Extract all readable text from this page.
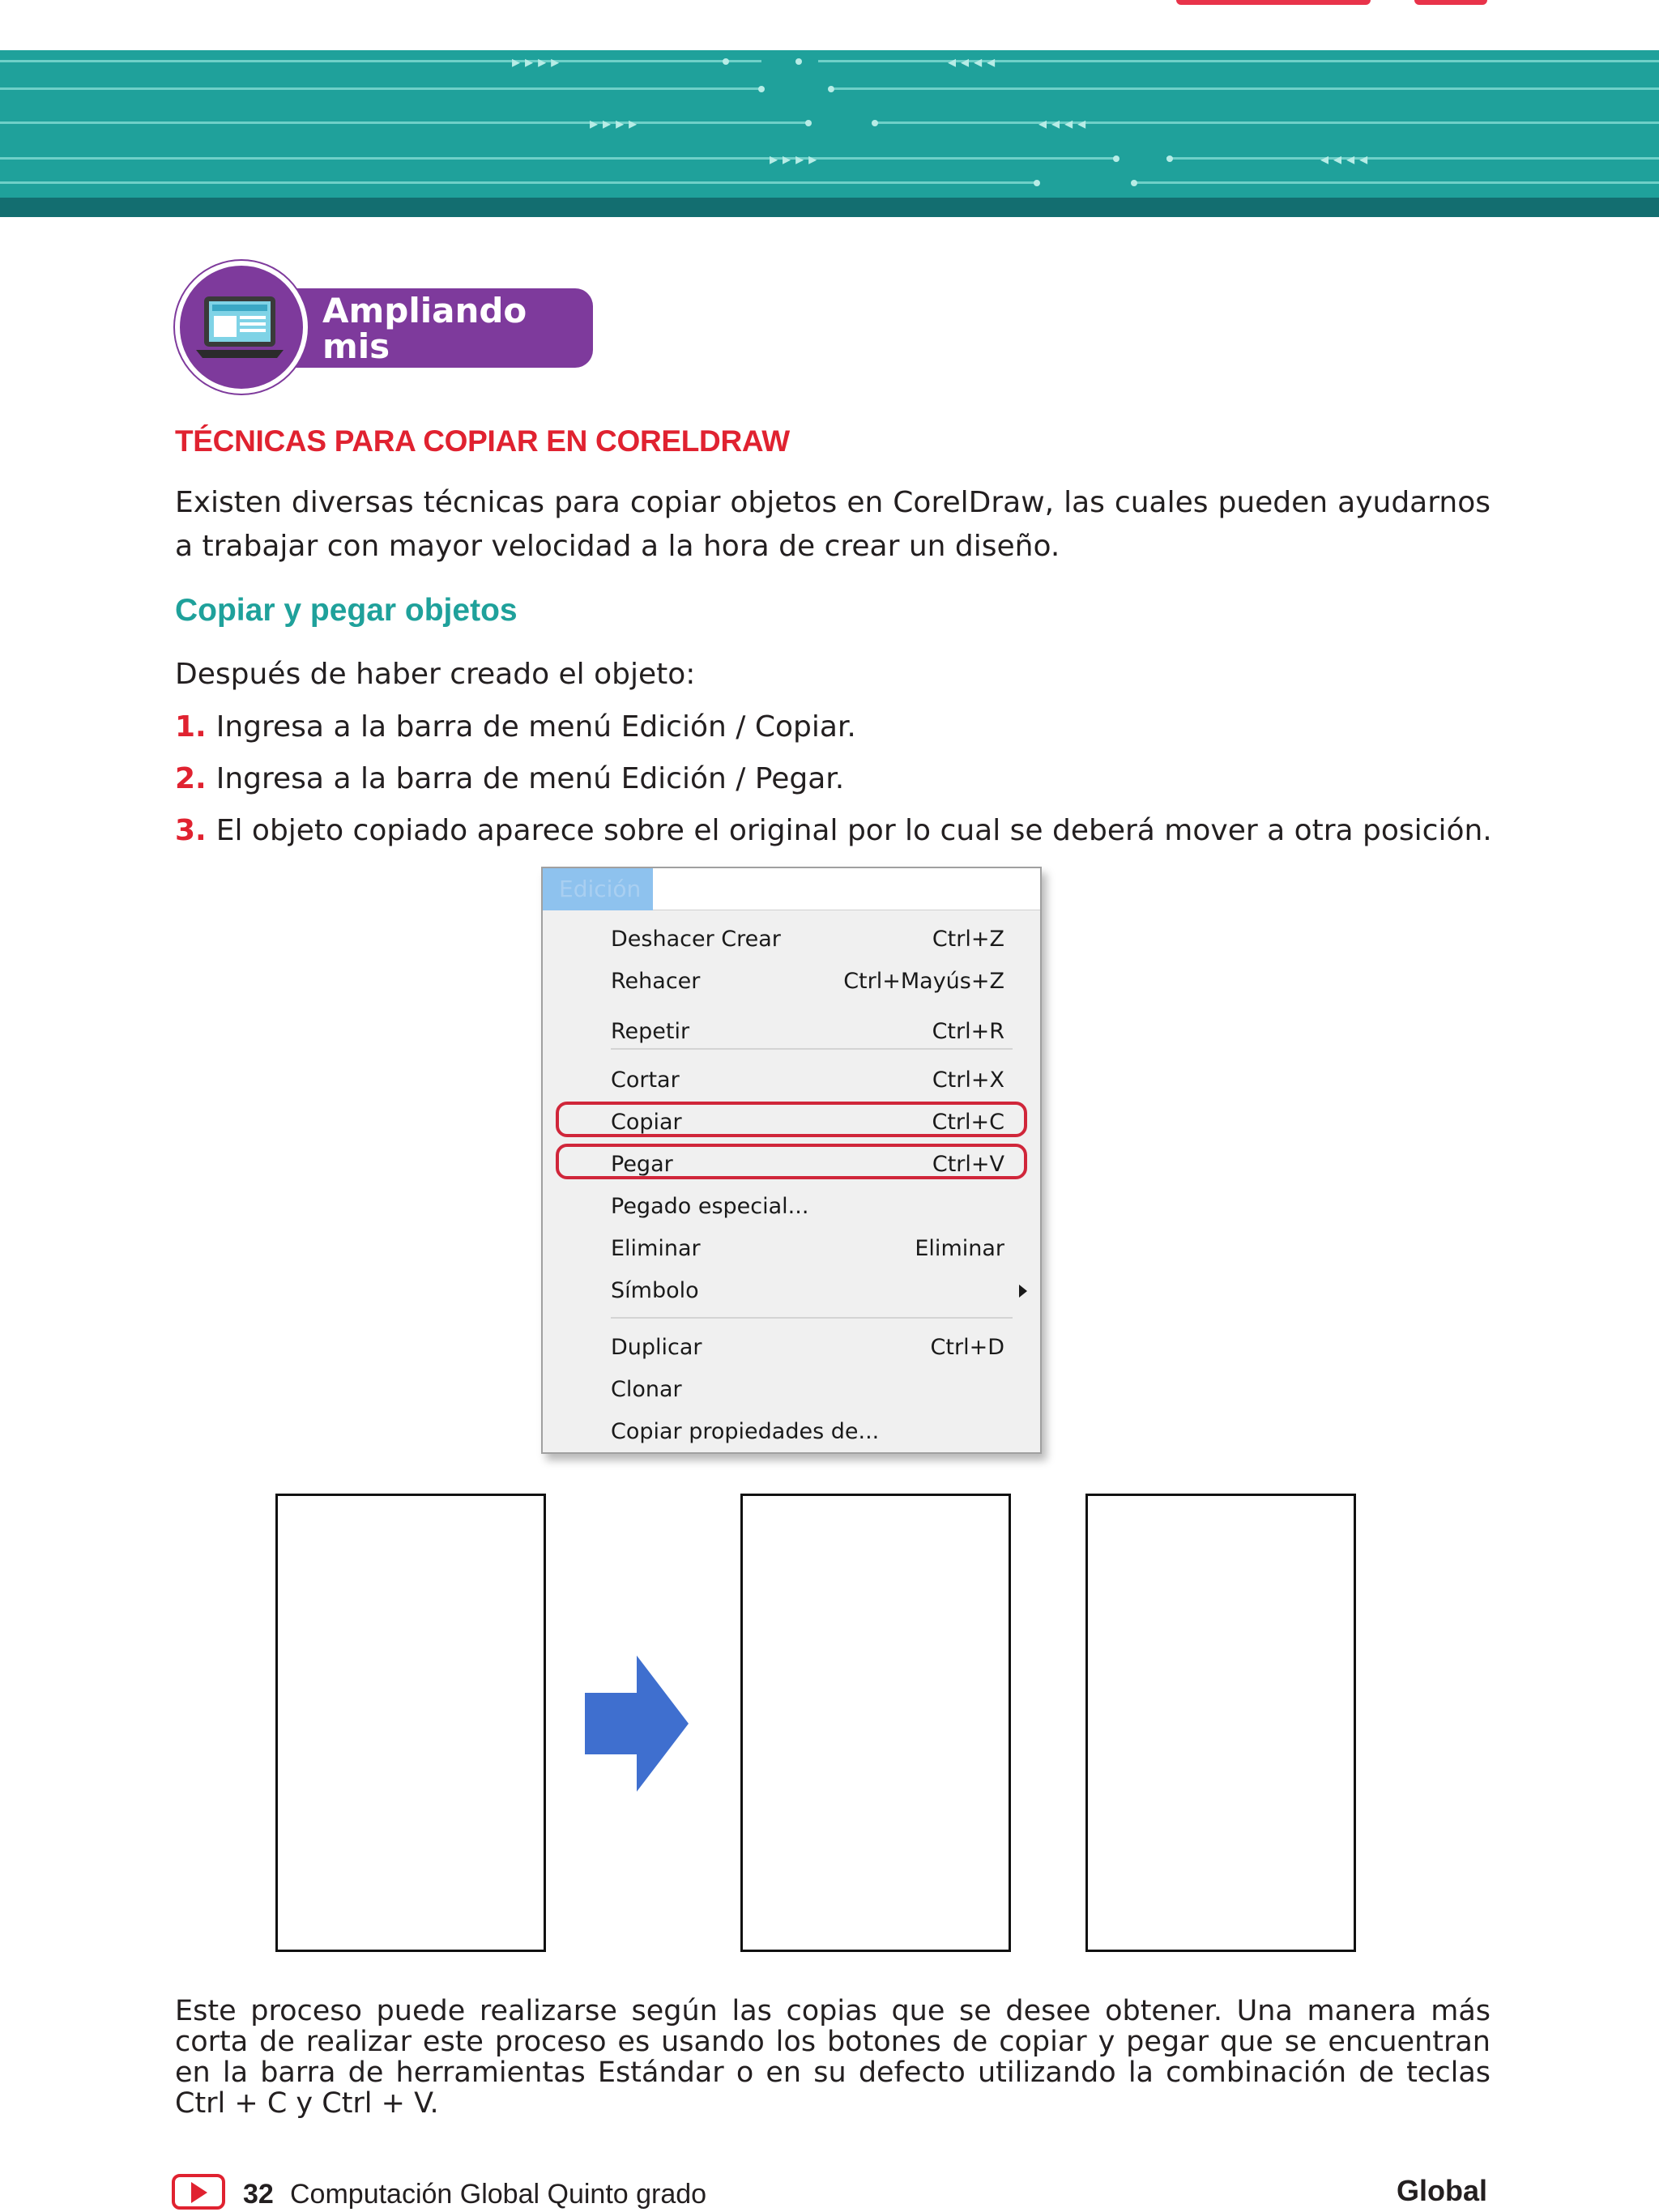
▸▸▸▸	◂◂◂◂
▸▸▸▸	◂◂◂◂
▸▸▸▸	◂◂◂◂
Ampliando mis
conocimientos
TÉCNICAS PARA COPIAR EN CORELDRAW
Existen diversas técnicas para copiar objetos en CorelDraw, las cuales pueden ayudarnos a trabajar con mayor velocidad a la hora de crear un diseño.
Copiar y pegar objetos
Después de haber creado el objeto:
1. Ingresa a la barra de menú Edición / Copiar.
2. Ingresa a la barra de menú Edición / Pegar.
3. El objeto copiado aparece sobre el original por lo cual se deberá mover a otra posición.
Edición
Deshacer Crear	Ctrl+Z
Rehacer	Ctrl+Mayús+Z
Repetir	Ctrl+R
Cortar	Ctrl+X
Copiar	Ctrl+C
Pegar	Ctrl+V
Pegado especial...
Eliminar	Eliminar
Símbolo
Duplicar	Ctrl+D
Clonar
Copiar propiedades de...
Este proceso puede realizarse según las copias que se desee obtener. Una manera más corta de realizar este proceso es usando los botones de copiar y pegar que se encuentran en la barra de herramientas Estándar o en su defecto utilizando la combinación de teclas Ctrl + C y Ctrl + V.
32 Computación Global Quinto grado	Global
